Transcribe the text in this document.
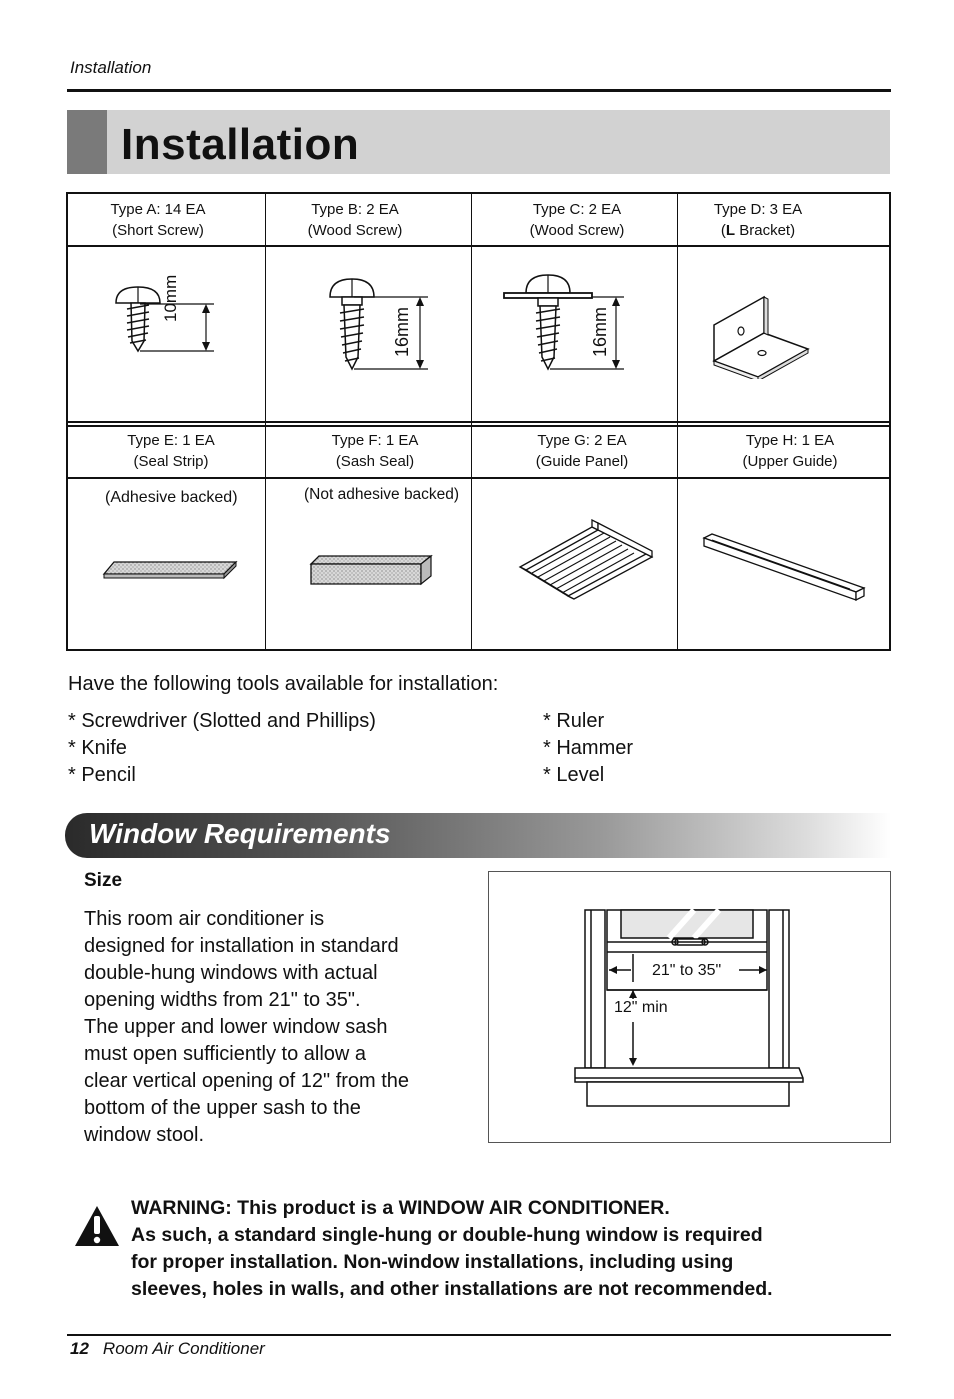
Installation
Installation
Type A: 14 EA
(Short Screw)
Type B: 2 EA
(Wood Screw)
Type C: 2 EA
(Wood Screw)
Type D: 3 EA
(L Bracket)
10mm
16mm	16mm
Type E: 1 EA
(Seal Strip)
Type F: 1 EA
(Sash Seal)
Type G: 2 EA
(Guide Panel)
Type H: 1 EA
(Upper Guide)
(Adhesive backed)	(Not adhesive backed)
Have the following tools available for installation:
* Screwdriver (Slotted and Phillips)
* Knife
* Pencil
* Ruler
* Hammer
* Level
Window Requirements
Size
This room air conditioner is
designed for installation in standard
double-hung windows with actual
opening widths from 21" to 35".
The upper and lower window sash
must open sufficiently to allow a
clear vertical opening of 12" from the
bottom of the upper sash to the
window stool.
21" to 35"
12" min
WARNING: This product is a WINDOW AIR CONDITIONER.
As such, a standard single-hung or double-hung window is required
for proper installation. Non-window installations, including using
sleeves, holes in walls, and other installations are not recommended.
12 Room Air Conditioner
